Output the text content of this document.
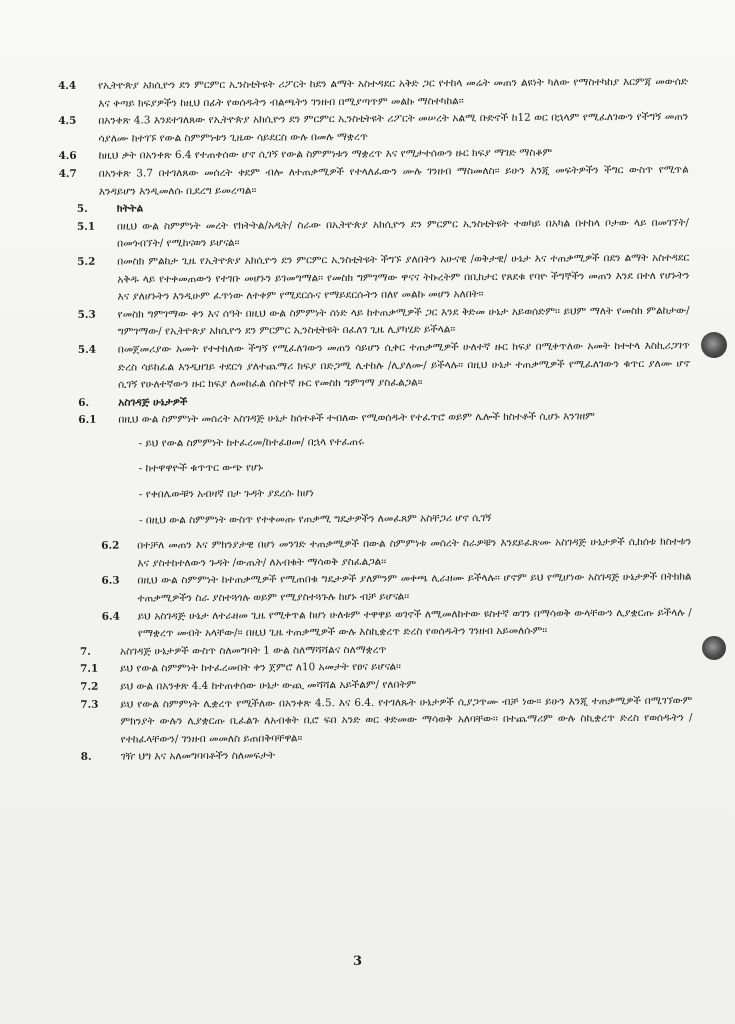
4.4 የኢትዮጵያ አክሲዮን ደን ምርምር ኢንስቲትዩት ሪፖርት ከደን ልማት አስተዳደር አቅድ ጋር የተከላ መሬት መጠን ልዩነት ካለው የማስተካከያ እርምጃ መውሰድ እና ቀጣይ ክፍያዎችን ከዚህ በፊት የወሰዱትን ብልጫትን ገንዘብ በሚያጣጥም መልኩ ማስተካከል፡፡
4.5 በአንቀጽ 4.3 እንደተገለጸው የኢትዮጵያ አክሲዮን ደን ምርምር ኢንስቲትዩት ሪፖርት መሠረት አልሚ ቡድኖች ከ12 ወር በኋላም የሚፈለገውን የችግኝ መጠን ሳያለሙ ከተገኙ የውል ስምምነቱን ጊዜው ሳይደርስ ውሉ በመሉ ማቋረጥ
4.6 ከዚህ ቃት በአንቀጽ 6.4 የተጠቀሰው ሆኖ ሲገኝ የውል ስምምነቱን ማቋረጥ እና የሚታተሰውን ዙር ክፍያ ማገድ ማስቆም
4.7 በአንቀጽ 3.7 በተገለጸው መሰረት ቀደም ብሎ ለተጠቃሚዎች የተላለፈውን ሙሉ ገንዘብ ማስመለስ፡፡ ይሁን እንጂ መፍትዎችን ችግር ውስጥ የሚጥል እንዳይሆን እንዲመለሱ ቢደረግ ይመረጣል፡፡
5.	ክትትል
5.1 በዚህ ውል ስምምነት መረት የክትትል/አዲት/ ስራው በኢትዮጵያ አክሲዮን ደን ምርምር ኢንስቲትዩት ተወካይ በአካል በተከላ ቦታው ላይ በመገኘት/በመጎብኘት/ የሚከናወን ይሆናል፡፡
5.2 በመስክ ምልከታ ጊዜ የኢትዮጵያ አክሲዮን ደን ምርምር ኢንስቲትዩት ችግኙ ያለበትን አሁናዊ /ወቅታዊ/ ሁኔታ እና ተጠቃሚዎች በደን ልማት አስተዳደር አቅዱ ላይ የተቀመጠውን የተገቡ መሆኑን ይገመግማል፡፡ የመስክ ግምገማው ዋናና ትኩረትም በቢከታር የጸደቁ የባዮ ችግኞችን መጠን እንደ በተለ የሆኑትን እና ያለሆኑትን እንዲሁም ፈጥነው ለተቀም የሚደርሱና የማይደርሱትን በለየ መልኩ መሆን አለበት፡፡
5.3 የመስክ ግምገማው ቀን እና ሰዓት በዚህ ውል ስምምነት ሰነድ ላይ ከተጠቃሚዎች ጋር እንደ ቅድመ ሁኔታ አይወሰድም፡፡ ይህም ማለት የመስክ ምልከታው/ግምገማው/ የኢትዮጵያ አክሲዮን ደን ምርምር ኢንስቲትዩት በፈለገ ጊዜ ሊያካሂድ ይችላል፡፡
5.4 በመጀመሪያው አመት የተተከለው ችግኝ የሚፈለገውን መጠን ሳይሆን ሲቀር ተጠቃሚዎች ሁለተኛ ዙር ክፍያ በሚቀጥለው አመት ከተተላ እስኪሪጋገጥ ድረስ ሳይከፈል እንዲዘገይ ተደርጎ ያለተጨማሪ ክፍያ በድጋሚ ሊተከሉ /ሊያለሙ/ ይችላሉ፡፡ በዚህ ሁኔታ ተጠቃሚዎች የሚፈለገውን ቁጥር ያለሙ ሆኖ ሲገኝ የሁለተኛውን ዙር ክፍያ ለመከፈል ሰስተኛ ዙር የመስክ ግምገማ ያስፈልጋል፡፡
6.	አስገዳጅ ሁኔታዎች
6.1 በዚህ ውል ስምምነት መሰረት አስገዳጅ ሁኔታ ከሰተቶች ተብለው የሚወሰዱት የተፈጥሮ ወይም ሌሎች ክስተቶች ሲሆኑ እንገዘም
- ይህ የውል ስምምነት ከተፈረመ/ከተፈፀመ/ በኋላ የተፈጠሩ
- ከተዋዋዮች ቁጥጥር ውጭ የሆኑ
- የቀበሌውቹን አብዛኛ በታ ጉዳት ያደረሱ ከሆነ
- በዚህ ውል ስምምነት ውስጥ የተቀመጡ የጠቃሚ ግዴታዎችን ለመፈጸም አስቸጋሪ ሆኖ ሲገኝ
6.2 በተቻለ መጠን እና ምክንያታዊ በሆነ መንገድ ተጠቃሚዎች በውል ስምምነቱ መሰረት ስራዎቹን እንደይፈጽሙ አስገዳጅ ሁኔታዎች ሲከሰቱ ክስተቱን እና ያስተከተለውን ጉዳት /ውጤት/ ለአብቁት ማሳወቅ ያስፈልጋል፡፡
6.3 በዚህ ውል ስምምነት ከተጠቃሚዎች የሚጠበቁ ግዴታዎች ያለምንም መቀጫ ሊራዘሙ ይችላሉ፡፡ ሆኖም ይህ የሚሆነው አስገዳጅ ሁኔታዎች በትክክል ተጠቃሚዎችን ስራ ያስተጓጎሉ ወይም የሚያስተጓጉሉ ከሆኑ ብቻ ይሆናል፡፡
6.4 ይህ አስገዳጅ ሁኔታ ለተራዘመ ጊዜ የሚቀጥል ከሆነ ሁለቱም ተዋዋይ ወገኖች ለሚመለከተው ዩስተኛ ወገን በማሳወቅ ውላቸውን ሊያቋርጡ ይችላሉ /የማቋረጥ መብት አላቸው/፡፡ በዚህ ጊዜ ተጠቃሚዎች ውሉ እስኪቋረጥ ድረስ የወሰዱትን ገንዘብ አይመለሱም፡፡
7.	አስገዳጅ ሁኔታዎች ውስጥ ስለመግባት 1 ውል ስለማሻሻልና ስለማቋረጥ
7.1 ይህ የውል ስምምነት ከተፈረመበት ቀን ጀምሮ ለ10 አመታት የፀና ይሆናል፡፡
7.2 ይህ ውል በአንቀጽ 4.4 ከተጠቀሰው ሁኔታ ውጪ መሻሻል አይችልም/ የለበትም
7.3 ይህ የውል ስምምነት ሊቋረጥ የሚችለው በአንቀጽ 4.5. እና 6.4. የተገለጹት ሁኔታዎች ሲያጋጥሙ ብቻ ነው፡፡ ይሁን እንጂ ተጠቃሚዎች በሚገኘውም ምክንያት ውሉን ሊያቋርጡ ቢፈልጉ ለአብቁት ቢሮ ፍበ አንድ ወር ቀድመው ማሳወቅ አለባቸው፡፡ በተጨማሪም ውሉ ስኪቋረጥ ድረስ የወሰዱትን /የተከፈላቸውን/ ገንዘብ መመለስ ይጠበቅባቸዋል፡፡
8.	ገዥ ህግ እና አለመግባባቶችን ስለመፍታት
3
